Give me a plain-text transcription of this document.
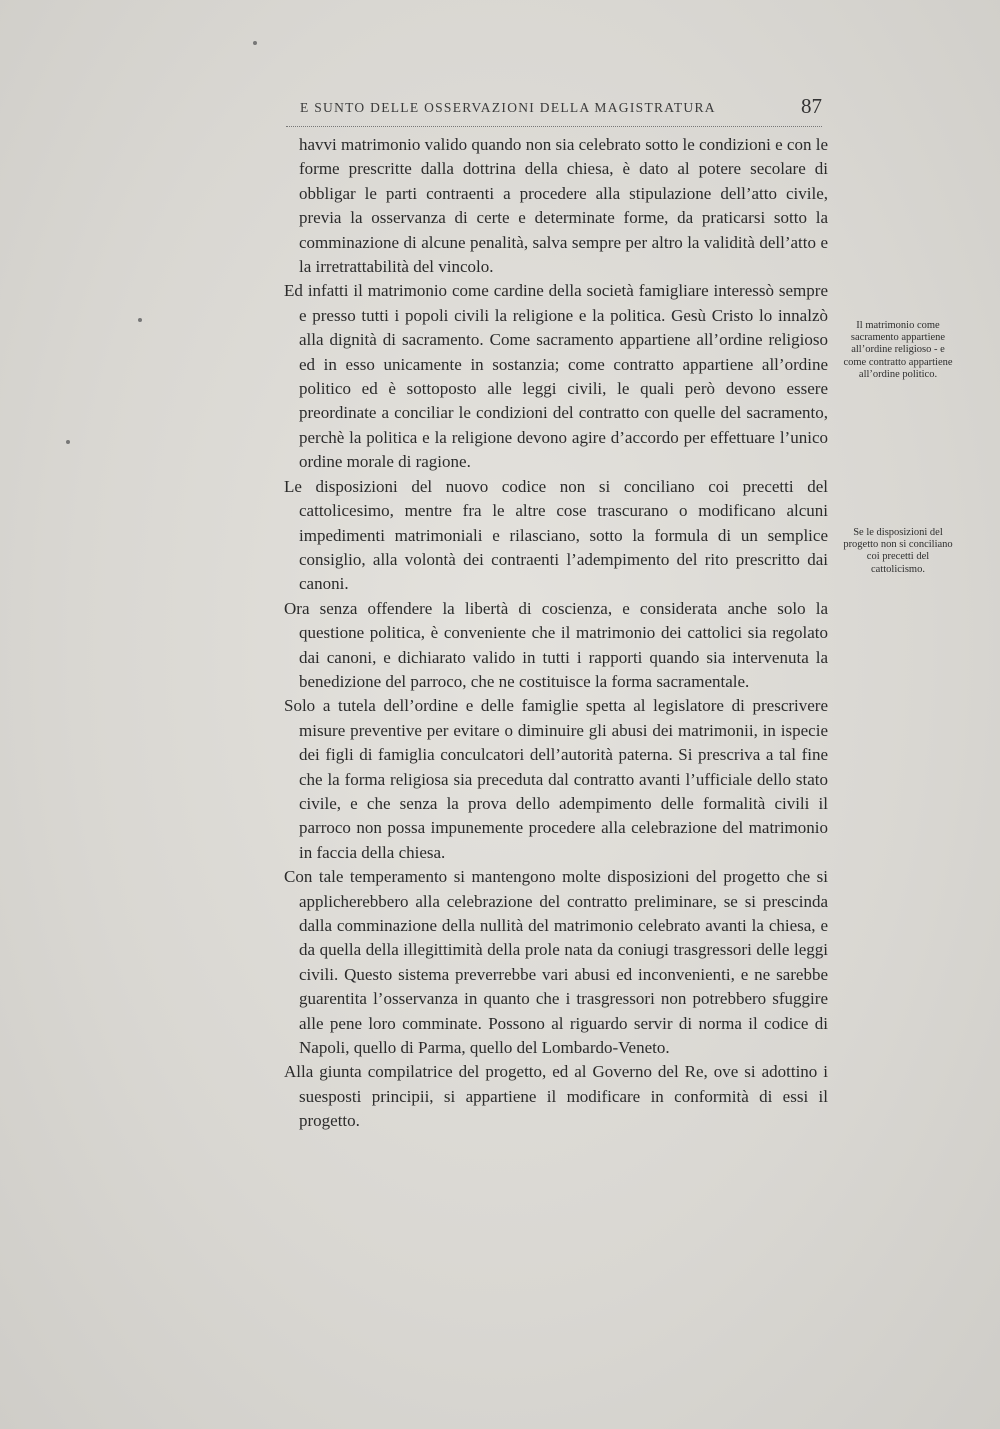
E SUNTO DELLE OSSERVAZIONI DELLA MAGISTRATURA	87

havvi matrimonio valido quando non sia celebrato sotto le condizioni e con le forme prescritte dalla dottrina della chiesa, è dato al potere secolare di obbligar le parti contraenti a procedere alla stipulazione dell’atto civile, previa la osservanza di certe e determinate forme, da praticarsi sotto la comminazione di alcune penalità, salva sempre per altro la validità dell’atto e la irretrattabilità del vincolo.

Ed infatti il matrimonio come cardine della società famigliare interessò sempre e presso tutti i popoli civili la religione e la politica. Gesù Cristo lo innalzò alla dignità di sacramento. Come sacramento appartiene all’ordine religioso ed in esso unicamente in sostanzia; come contratto appartiene all’ordine politico ed è sottoposto alle leggi civili, le quali però devono essere preordinate a conciliar le condizioni del contratto con quelle del sacramento, perchè la politica e la religione devono agire d’accordo per effettuare l’unico ordine morale di ragione.

Le disposizioni del nuovo codice non si conciliano coi precetti del cattolicesimo, mentre fra le altre cose trascurano o modificano alcuni impedimenti matrimoniali e rilasciano, sotto la formula di un semplice consiglio, alla volontà dei contraenti l’adempimento del rito prescritto dai canoni.

Ora senza offendere la libertà di coscienza, e considerata anche solo la questione politica, è conveniente che il matrimonio dei cattolici sia regolato dai canoni, e dichiarato valido in tutti i rapporti quando sia intervenuta la benedizione del parroco, che ne costituisce la forma sacramentale.

Solo a tutela dell’ordine e delle famiglie spetta al legislatore di prescrivere misure preventive per evitare o diminuire gli abusi dei matrimonii, in ispecie dei figli di famiglia conculcatori dell’autorità paterna. Si prescriva a tal fine che la forma religiosa sia preceduta dal contratto avanti l’ufficiale dello stato civile, e che senza la prova dello adempimento delle formalità civili il parroco non possa impunemente procedere alla celebrazione del matrimonio in faccia della chiesa.

Con tale temperamento si mantengono molte disposizioni del progetto che si applicherebbero alla celebrazione del contratto preliminare, se si prescinda dalla comminazione della nullità del matrimonio celebrato avanti la chiesa, e da quella della illegittimità della prole nata da coniugi trasgressori delle leggi civili. Questo sistema preverrebbe vari abusi ed inconvenienti, e ne sarebbe guarentita l’osservanza in quanto che i trasgressori non potrebbero sfuggire alle pene loro comminate. Possono al riguardo servir di norma il codice di Napoli, quello di Parma, quello del Lombardo-Veneto.

Alla giunta compilatrice del progetto, ed al Governo del Re, ove si adottino i suesposti principii, si appartiene il modificare in conformità di essi il progetto.

Il matrimonio come sacramento appartiene all’ordine religioso - e come contratto appartiene all’ordine politico.
Se le disposizioni del progetto non si conciliano coi precetti del cattolicismo.
